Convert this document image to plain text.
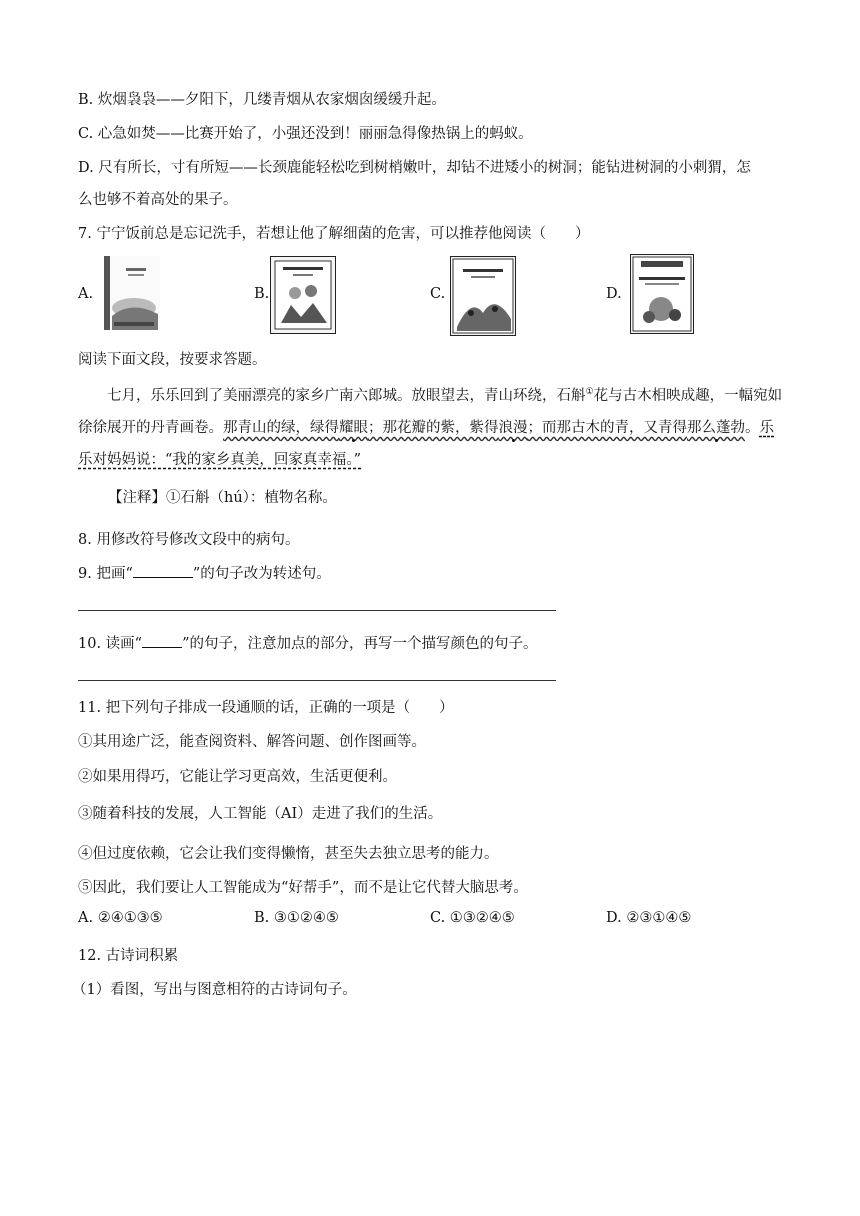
B. 炊烟袅袅——夕阳下，几缕青烟从农家烟囱缓缓升起。
C. 心急如焚——比赛开始了，小强还没到！丽丽急得像热锅上的蚂蚁。
D. 尺有所长，寸有所短——长颈鹿能轻松吃到树梢嫩叶，却钻不进矮小的树洞；能钻进树洞的小刺猬，怎
么也够不着高处的果子。
7. 宁宁饭前总是忘记洗手，若想让他了解细菌的危害，可以推荐他阅读（　　）
A.	B.	C.	D.
阅读下面文段，按要求答题。
七月，乐乐回到了美丽漂亮的家乡广南六郎城。放眼望去，青山环绕，石斛①花与古木相映成趣，一幅宛如徐徐展开的丹青画卷。那青山的绿，绿得耀眼；那花瓣的紫，紫得浪漫；而那古木的青，又青得那么蓬勃。乐乐对妈妈说：“我的家乡真美，回家真幸福。”
【注释】①石斛（hú）：植物名称。
8. 用修改符号修改文段中的病句。
9. 把画“	”的句子改为转述句。
10. 读画“	”的句子，注意加点的部分，再写一个描写颜色的句子。
11. 把下列句子排成一段通顺的话，正确的一项是（　　）
①其用途广泛，能查阅资料、解答问题、创作图画等。
②如果用得巧，它能让学习更高效，生活更便利。
③随着科技的发展，人工智能（AI）走进了我们的生活。
④但过度依赖，它会让我们变得懒惰，甚至失去独立思考的能力。
⑤因此，我们要让人工智能成为“好帮手”，而不是让它代替大脑思考。
A. ②④①③⑤	B. ③①②④⑤	C. ①③②④⑤	D. ②③①④⑤
12. 古诗词积累
（1）看图，写出与图意相符的古诗词句子。
